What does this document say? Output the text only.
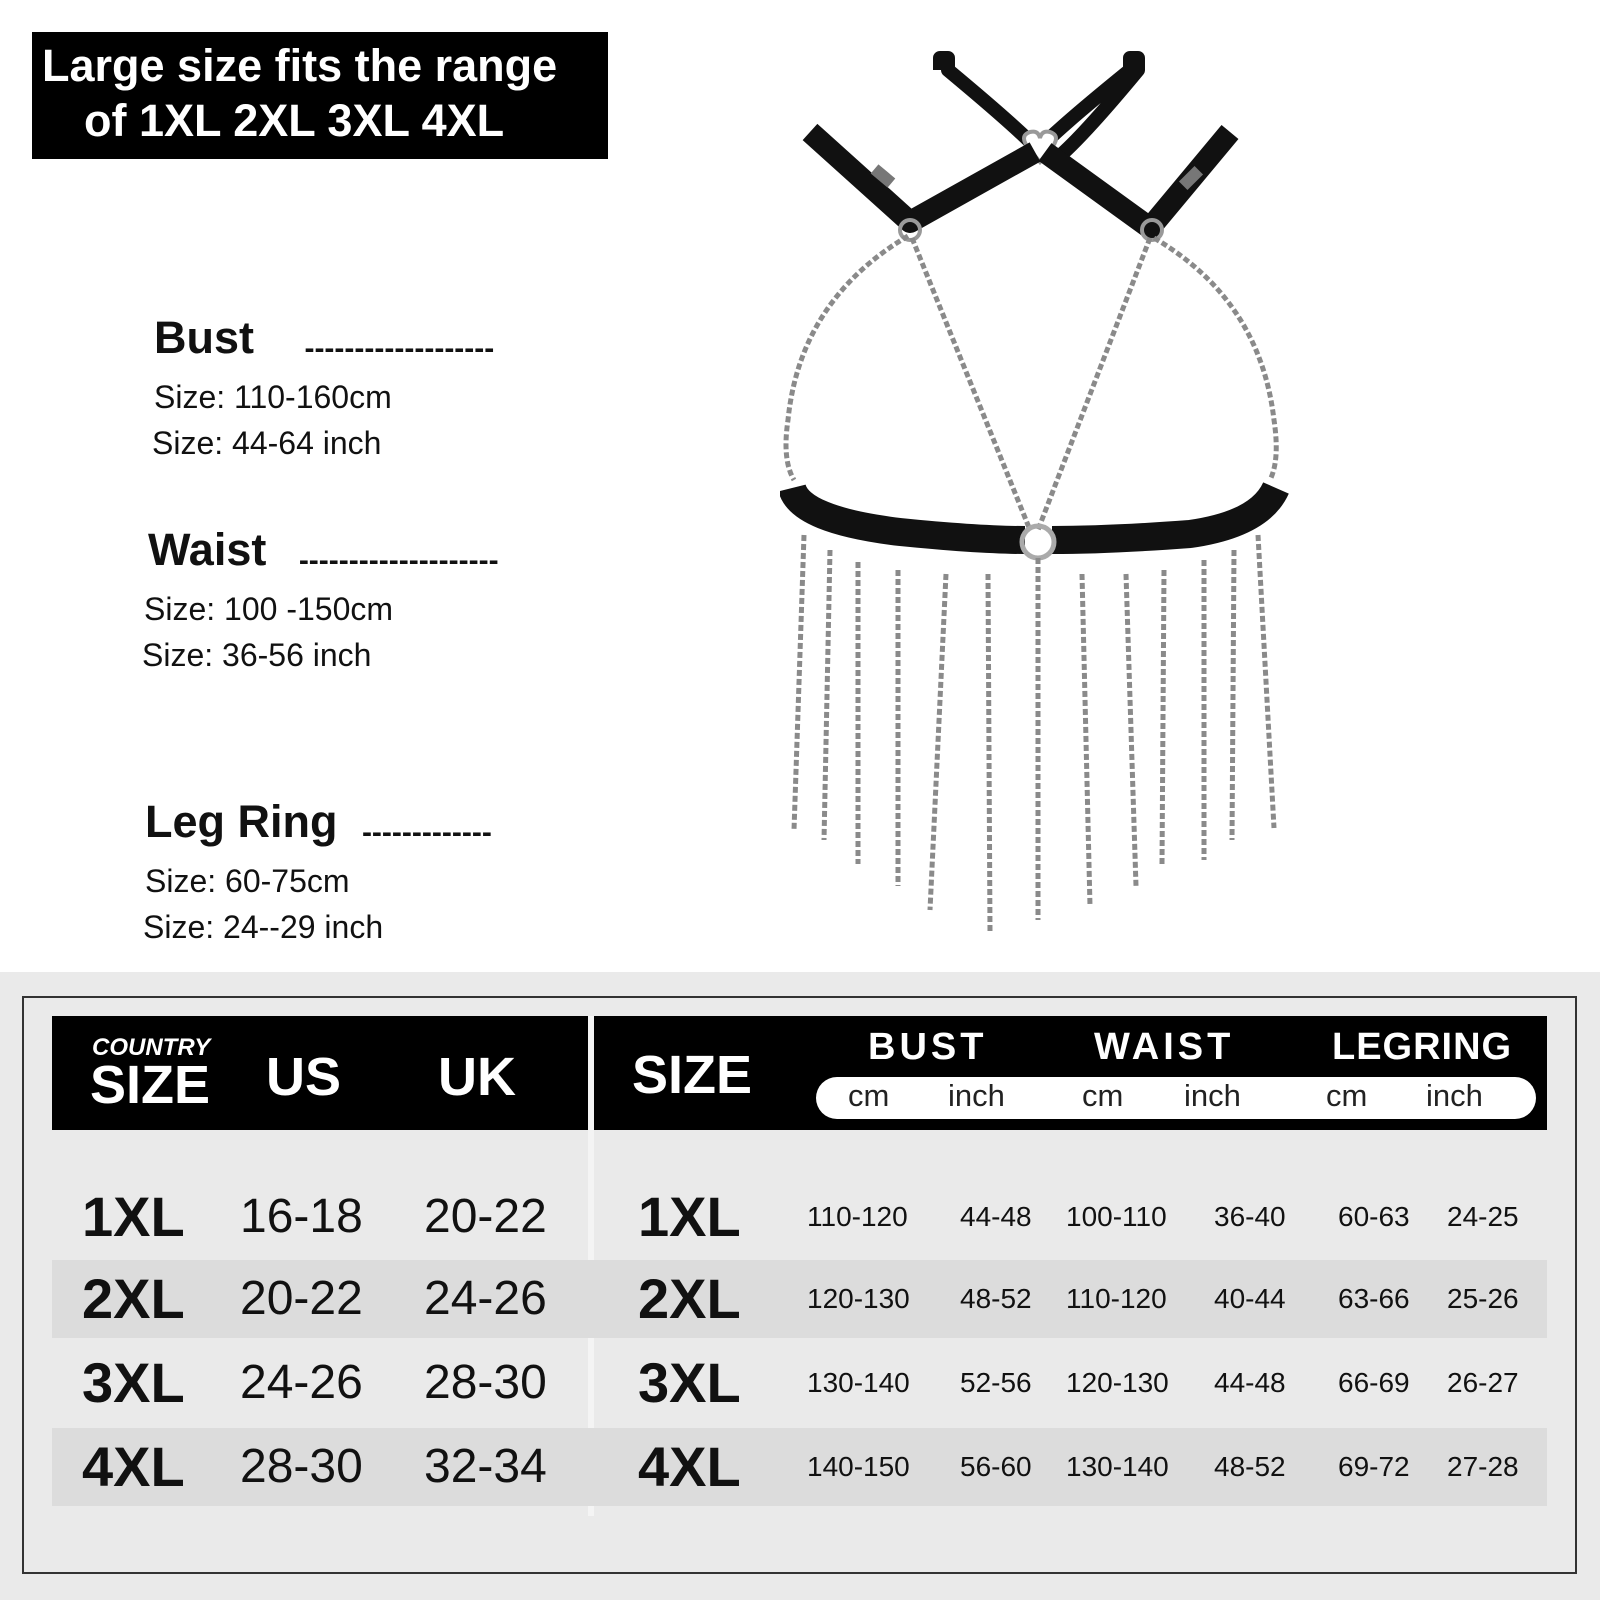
Large size fits the range
of 1XL 2XL 3XL 4XL
Bust -------------------
Size: 110-160cm
Size: 44-64 inch
Waist --------------------
Size: 100 -150cm
Size: 36-56 inch
Leg Ring -------------
Size: 60-75cm
Size: 24--29 inch
COUNTRY
SIZE US UK SIZE	BUST	WAIST	LEGRING
cm inch cm inch	cm inch
1XL 16-18 20-22 1XL 110-120 44-48 100-110 36-40 60-63 24-25
2XL 20-22 24-26 2XL 120-130 48-52 110-120 40-44 63-66 25-26
3XL 24-26 28-30 3XL 130-140 52-56 120-130 44-48 66-69 26-27
4XL 28-30 32-34 4XL 140-150 56-60 130-140 48-52 69-72 27-28
